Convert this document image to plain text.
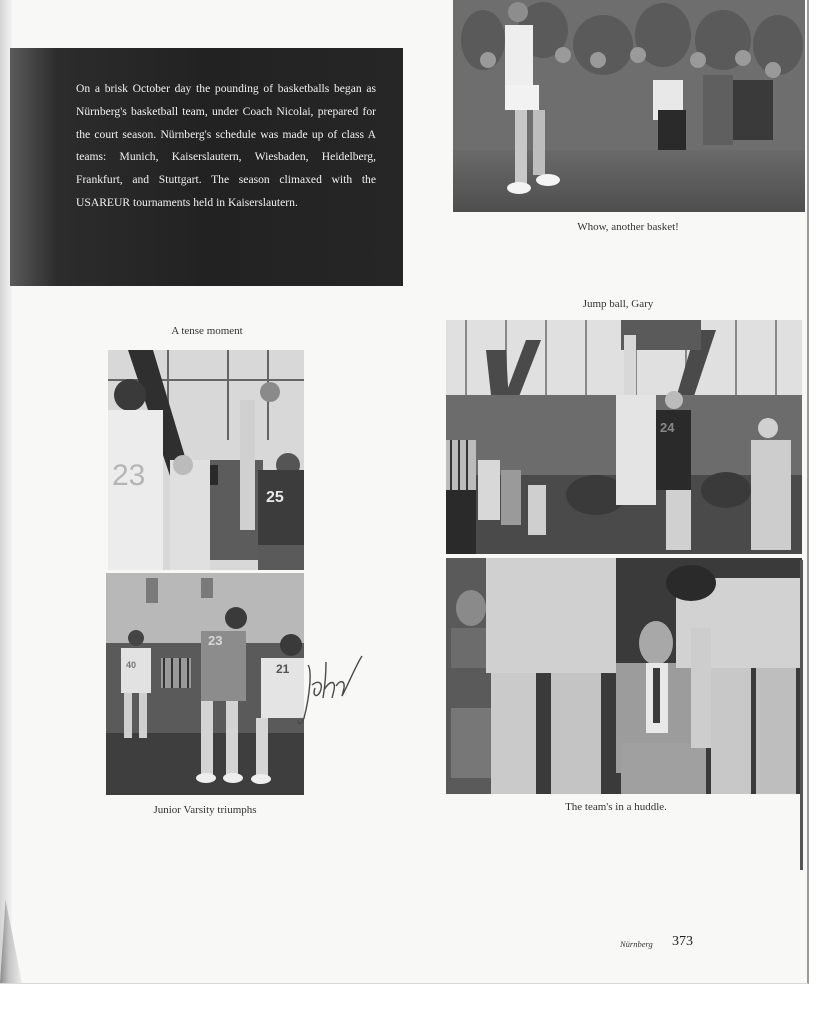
On a brisk October day the pounding of basketballs began as Nürnberg's basketball team, under Coach Nicolai, prepared for the court season. Nürnberg's schedule was made up of class A teams: Munich, Kaiserslautern, Wiesbaden, Heidelberg, Frankfurt, and Stuttgart. The season climaxed with the USAREUR tournaments held in Kaiserslautern.
Whow, another basket!
A tense moment
23
25
40
23
21
Junior Varsity triumphs
Jump ball, Gary
24
The team's in a huddle.
Nürnberg 373
